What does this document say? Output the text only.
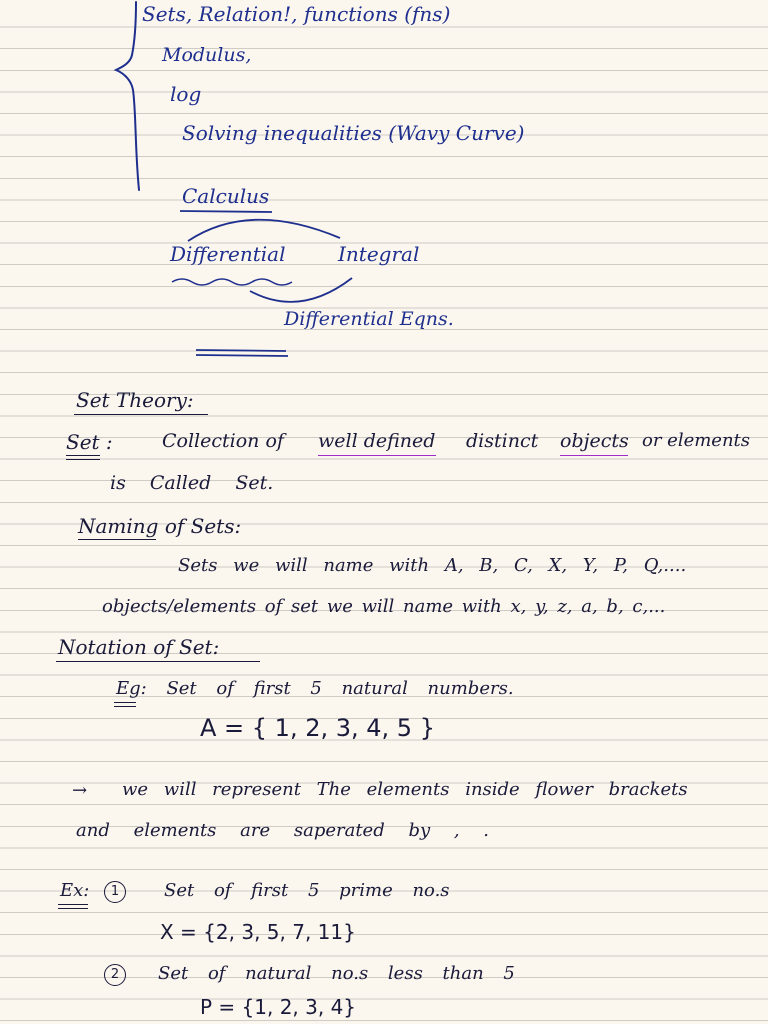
Sets, Relation!, functions (fns)
Modulus,
log
Solving inequalities (Wavy Curve)
Calculus
Differential	Integral
Differential Eqns.
Set Theory:
Set :	Collection of well defined distinct objects or elements
is Called Set.
Naming of Sets:
Sets we will name with A, B, C, X, Y, P, Q,....
objects/elements of set we will name with x, y, z, a, b, c,...
Notation of Set:
Eg: Set of first 5 natural numbers.
A = { 1, 2, 3, 4, 5 }
→ we will represent The elements inside flower brackets
and elements are saperated by , .
Ex:	1	Set of first 5 prime no.s
X = {2, 3, 5, 7, 11}
2	Set of natural no.s less than 5
P = {1, 2, 3, 4}
